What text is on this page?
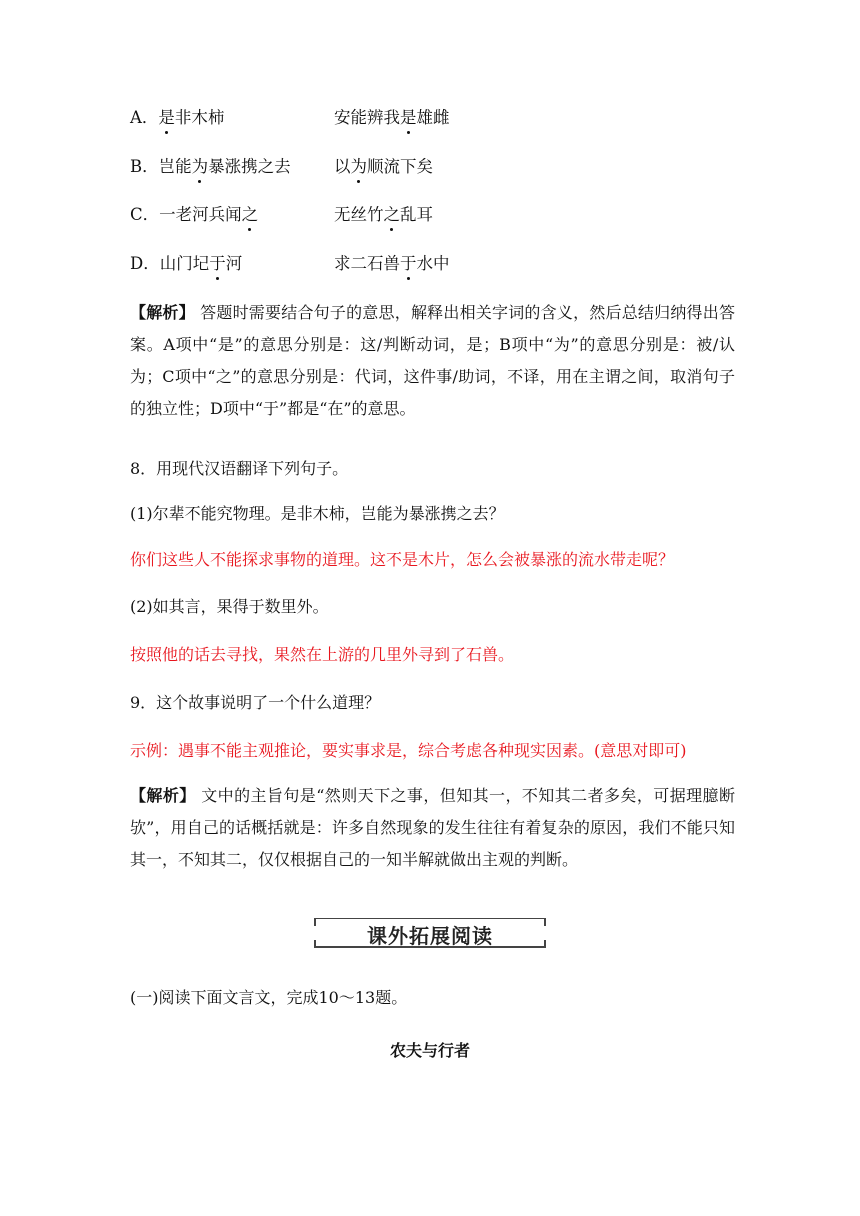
A．是非木柿	安能辨我是雄雌
B．岂能为暴涨携之去	以为顺流下矣
C．一老河兵闻之	无丝竹之乱耳
D．山门圮于河	求二石兽于水中
【解析】 答题时需要结合句子的意思，解释出相关字词的含义，然后总结归纳得出答案。A项中“是”的意思分别是：这/判断动词，是；B项中“为”的意思分别是：被/认为；C项中“之”的意思分别是：代词，这件事/助词，不译，用在主谓之间，取消句子的独立性；D项中“于”都是“在”的意思。
8．用现代汉语翻译下列句子。
(1)尔辈不能究物理。是非木柿，岂能为暴涨携之去？
你们这些人不能探求事物的道理。这不是木片，怎么会被暴涨的流水带走呢？
(2)如其言，果得于数里外。
按照他的话去寻找，果然在上游的几里外寻到了石兽。
9．这个故事说明了一个什么道理？
示例：遇事不能主观推论，要实事求是，综合考虑各种现实因素。(意思对即可)
【解析】 文中的主旨句是“然则天下之事，但知其一，不知其二者多矣，可据理臆断欤”，用自己的话概括就是：许多自然现象的发生往往有着复杂的原因，我们不能只知其一，不知其二，仅仅根据自己的一知半解就做出主观的判断。
课外拓展阅读
(一)阅读下面文言文，完成10～13题。
农夫与行者
